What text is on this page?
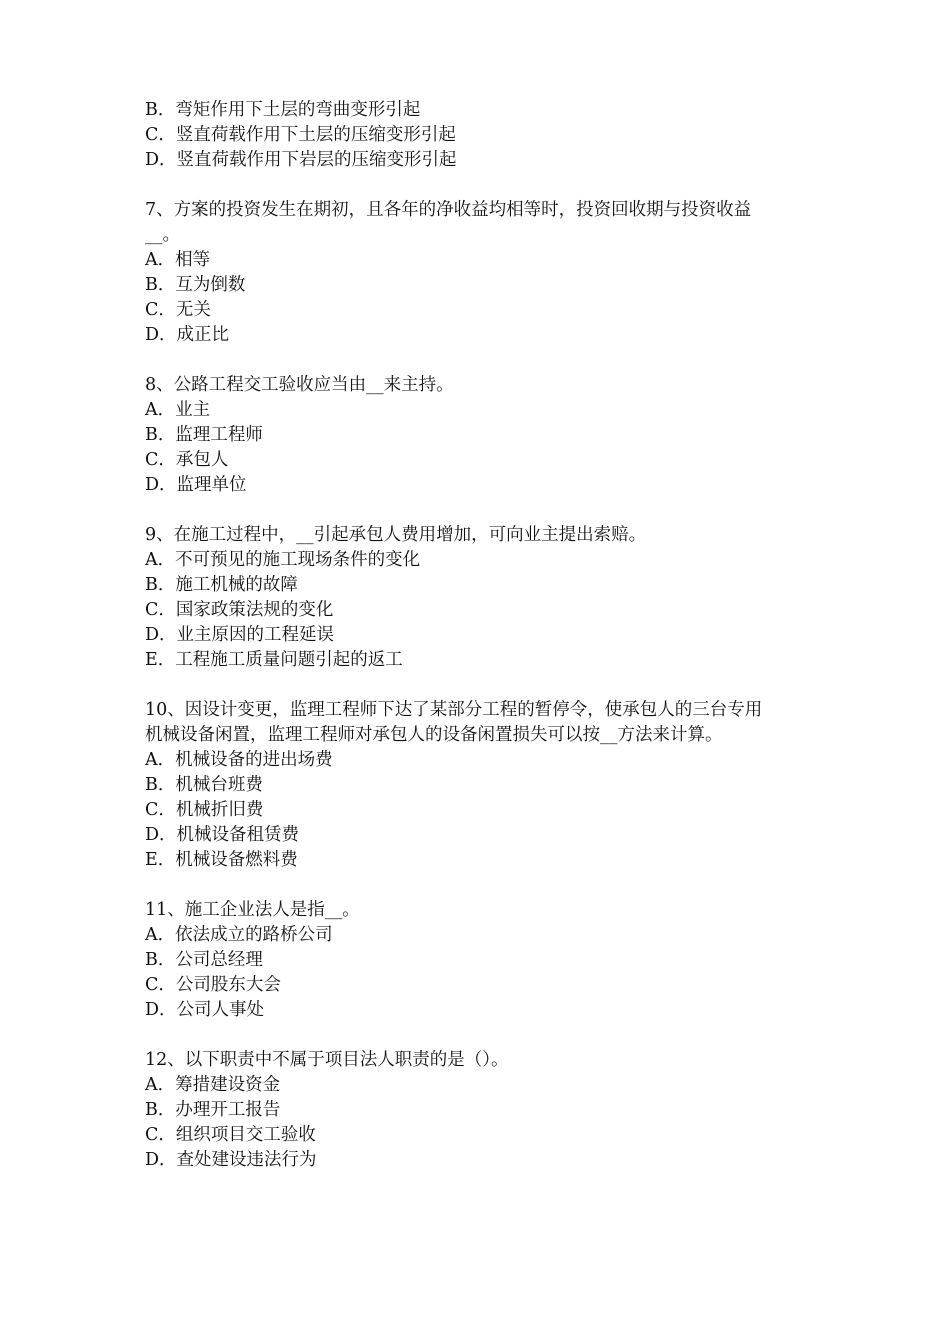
B．弯矩作用下土层的弯曲变形引起
C．竖直荷载作用下土层的压缩变形引起
D．竖直荷载作用下岩层的压缩变形引起
7、方案的投资发生在期初，且各年的净收益均相等时，投资回收期与投资收益
__。
A．相等
B．互为倒数
C．无关
D．成正比
8、公路工程交工验收应当由__来主持。
A．业主
B．监理工程师
C．承包人
D．监理单位
9、在施工过程中，__引起承包人费用增加，可向业主提出索赔。
A．不可预见的施工现场条件的变化
B．施工机械的故障
C．国家政策法规的变化
D．业主原因的工程延误
E．工程施工质量问题引起的返工
10、因设计变更，监理工程师下达了某部分工程的暂停令，使承包人的三台专用
机械设备闲置，监理工程师对承包人的设备闲置损失可以按__方法来计算。
A．机械设备的进出场费
B．机械台班费
C．机械折旧费
D．机械设备租赁费
E．机械设备燃料费
11、施工企业法人是指__。
A．依法成立的路桥公司
B．公司总经理
C．公司股东大会
D．公司人事处
12、以下职责中不属于项目法人职责的是（）。
A．筹措建设资金
B．办理开工报告
C．组织项目交工验收
D．查处建设违法行为
